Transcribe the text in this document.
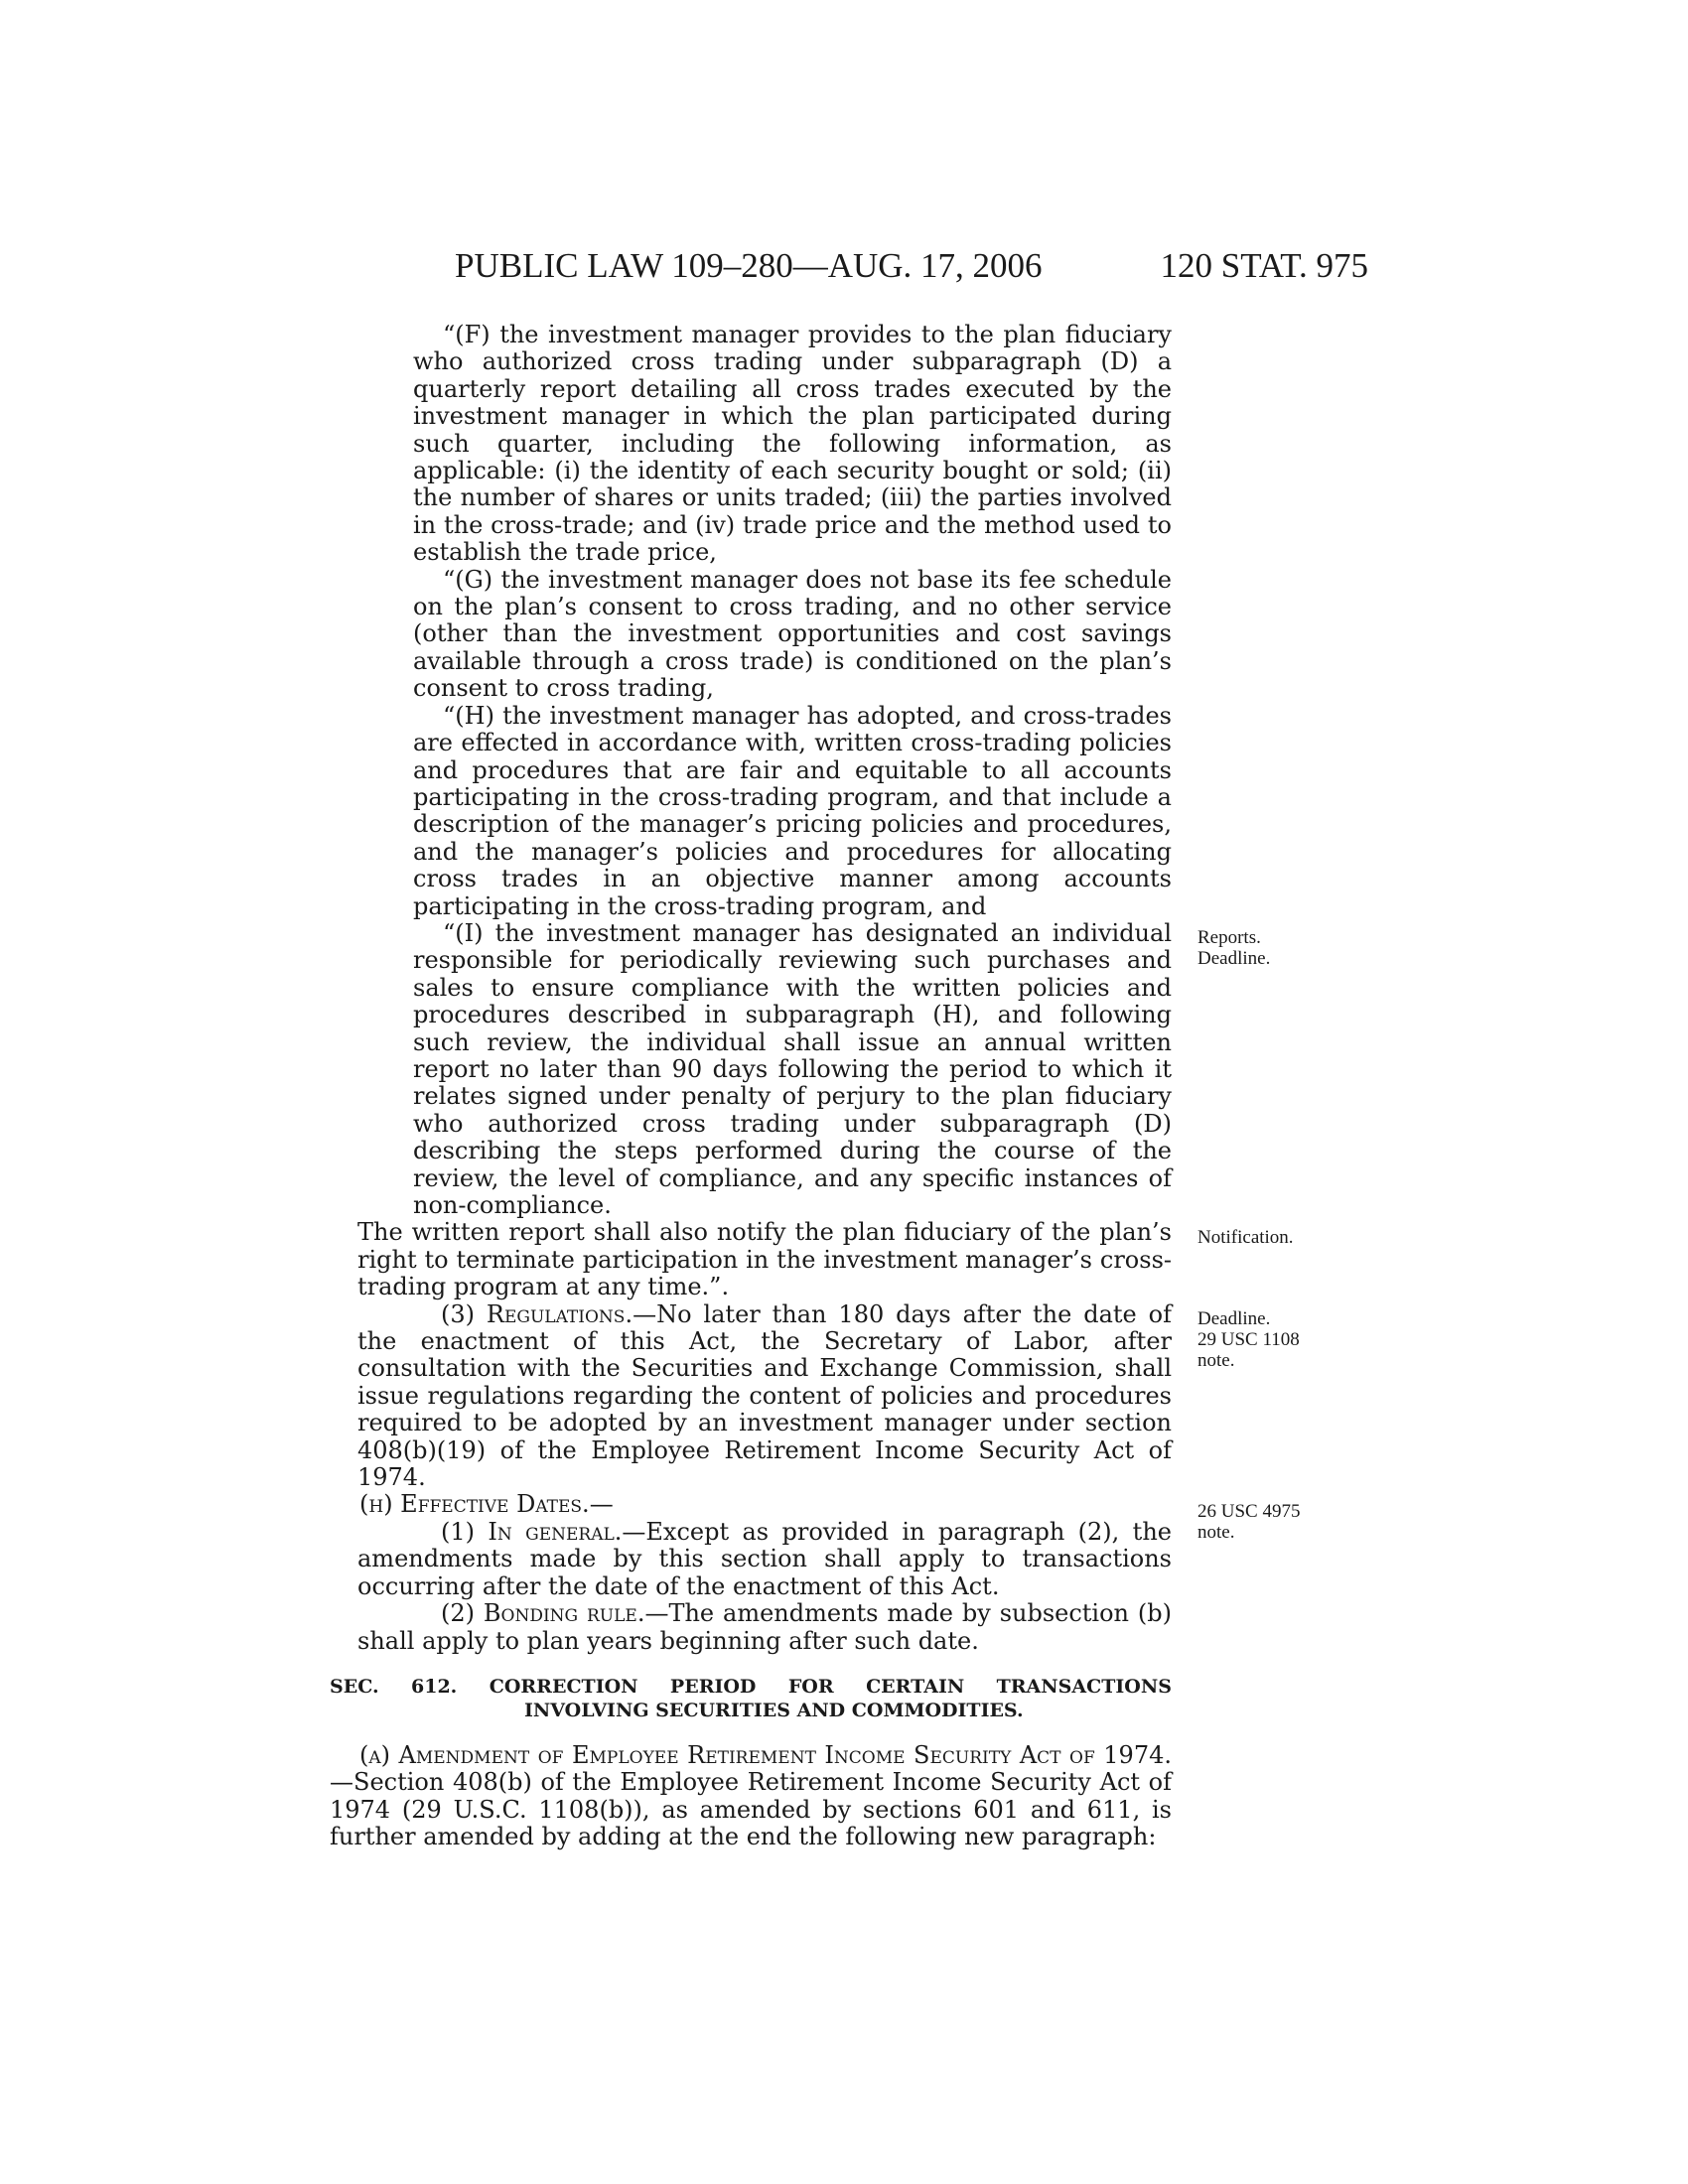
PUBLIC LAW 109–280—AUG. 17, 2006	120 STAT. 975

“(F) the investment manager provides to the plan fiduciary who authorized cross trading under subparagraph (D) a quarterly report detailing all cross trades executed by the investment manager in which the plan participated during such quarter, including the following information, as applicable: (i) the identity of each security bought or sold; (ii) the number of shares or units traded; (iii) the parties involved in the cross-trade; and (iv) trade price and the method used to establish the trade price,

“(G) the investment manager does not base its fee schedule on the plan’s consent to cross trading, and no other service (other than the investment opportunities and cost savings available through a cross trade) is conditioned on the plan’s consent to cross trading,

“(H) the investment manager has adopted, and cross-trades are effected in accordance with, written cross-trading policies and procedures that are fair and equitable to all accounts participating in the cross-trading program, and that include a description of the manager’s pricing policies and procedures, and the manager’s policies and procedures for allocating cross trades in an objective manner among accounts participating in the cross-trading program, and

“(I) the investment manager has designated an individual responsible for periodically reviewing such purchases and sales to ensure compliance with the written policies and procedures described in subparagraph (H), and following such review, the individual shall issue an annual written report no later than 90 days following the period to which it relates signed under penalty of perjury to the plan fiduciary who authorized cross trading under subparagraph (D) describing the steps performed during the course of the review, the level of compliance, and any specific instances of non-compliance.

The written report shall also notify the plan fiduciary of the plan’s right to terminate participation in the investment manager’s cross-trading program at any time.”.

(3) Regulations.—No later than 180 days after the date of the enactment of this Act, the Secretary of Labor, after consultation with the Securities and Exchange Commission, shall issue regulations regarding the content of policies and procedures required to be adopted by an investment manager under section 408(b)(19) of the Employee Retirement Income Security Act of 1974.

(h) Effective Dates.—

(1) In general.—Except as provided in paragraph (2), the amendments made by this section shall apply to transactions occurring after the date of the enactment of this Act.

(2) Bonding rule.—The amendments made by subsection (b) shall apply to plan years beginning after such date.

SEC. 612. CORRECTION PERIOD FOR CERTAIN TRANSACTIONS
INVOLVING SECURITIES AND COMMODITIES.

(a) Amendment of Employee Retirement Income Security Act of 1974.—Section 408(b) of the Employee Retirement Income Security Act of 1974 (29 U.S.C. 1108(b)), as amended by sections 601 and 611, is further amended by adding at the end the following new paragraph:

Reports.
Deadline.
Notification.
Deadline.
29 USC 1108
note.
26 USC 4975
note.
